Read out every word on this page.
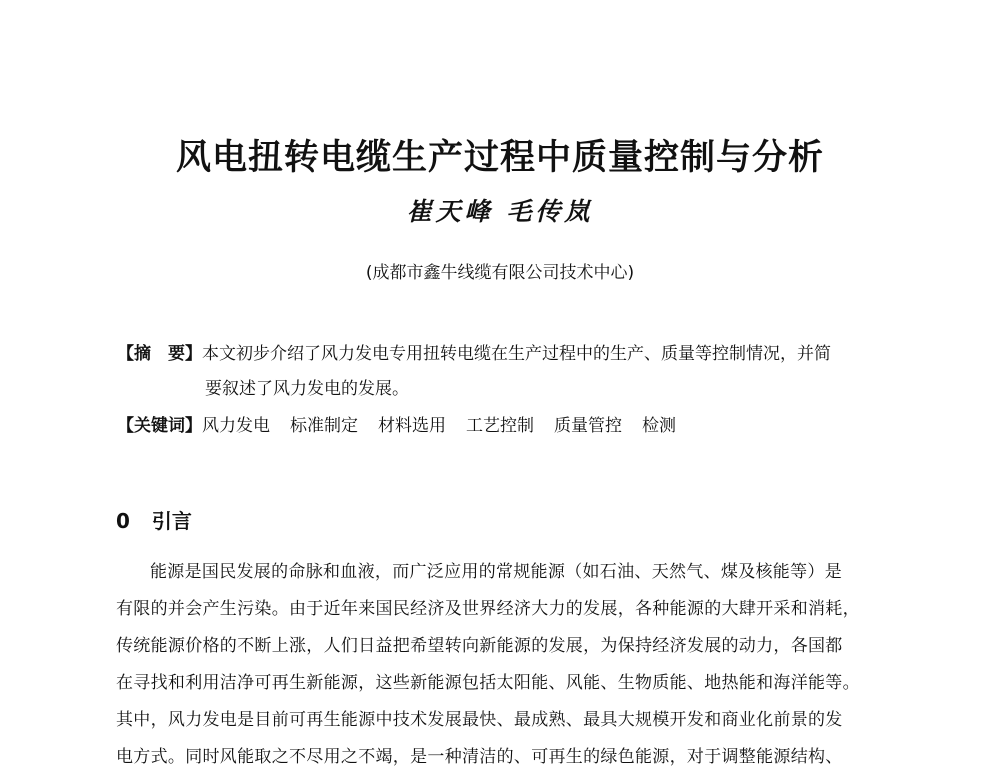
风电扭转电缆生产过程中质量控制与分析
崔天峰 毛传岚
(成都市鑫牛线缆有限公司技术中心)
【摘　要】本文初步介绍了风力发电专用扭转电缆在生产过程中的生产、质量等控制情况，并简
要叙述了风力发电的发展。
【关键词】风力发电 标准制定 材料选用 工艺控制 质量管控 检测
0 引言
能源是国民发展的命脉和血液，而广泛应用的常规能源（如石油、天然气、煤及核能等）是
有限的并会产生污染。由于近年来国民经济及世界经济大力的发展，各种能源的大肆开采和消耗，
传统能源价格的不断上涨，人们日益把希望转向新能源的发展，为保持经济发展的动力，各国都
在寻找和利用洁净可再生新能源，这些新能源包括太阳能、风能、生物质能、地热能和海洋能等。
其中，风力发电是目前可再生能源中技术发展最快、最成熟、最具大规模开发和商业化前景的发
电方式。同时风能取之不尽用之不竭，是一种清洁的、可再生的绿色能源，对于调整能源结构、
